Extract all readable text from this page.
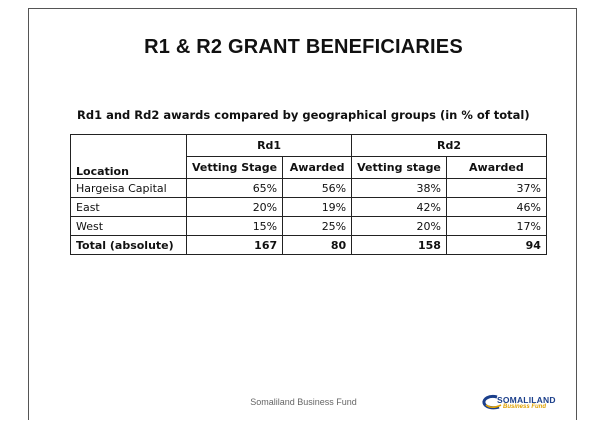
R1 & R2 GRANT BENEFICIARIES
Rd1 and Rd2 awards compared by geographical groups (in % of total)
Location	Rd1		Rd2	
	Vetting Stage	Awarded	Vetting stage	Awarded
Hargeisa Capital	65%	56%	38%	37%
East	20%	19%	42%	46%
West	15%	25%	20%	17%
Total (absolute)	167	80	158	94
Somaliland Business Fund	SOMALILAND
Business Fund
